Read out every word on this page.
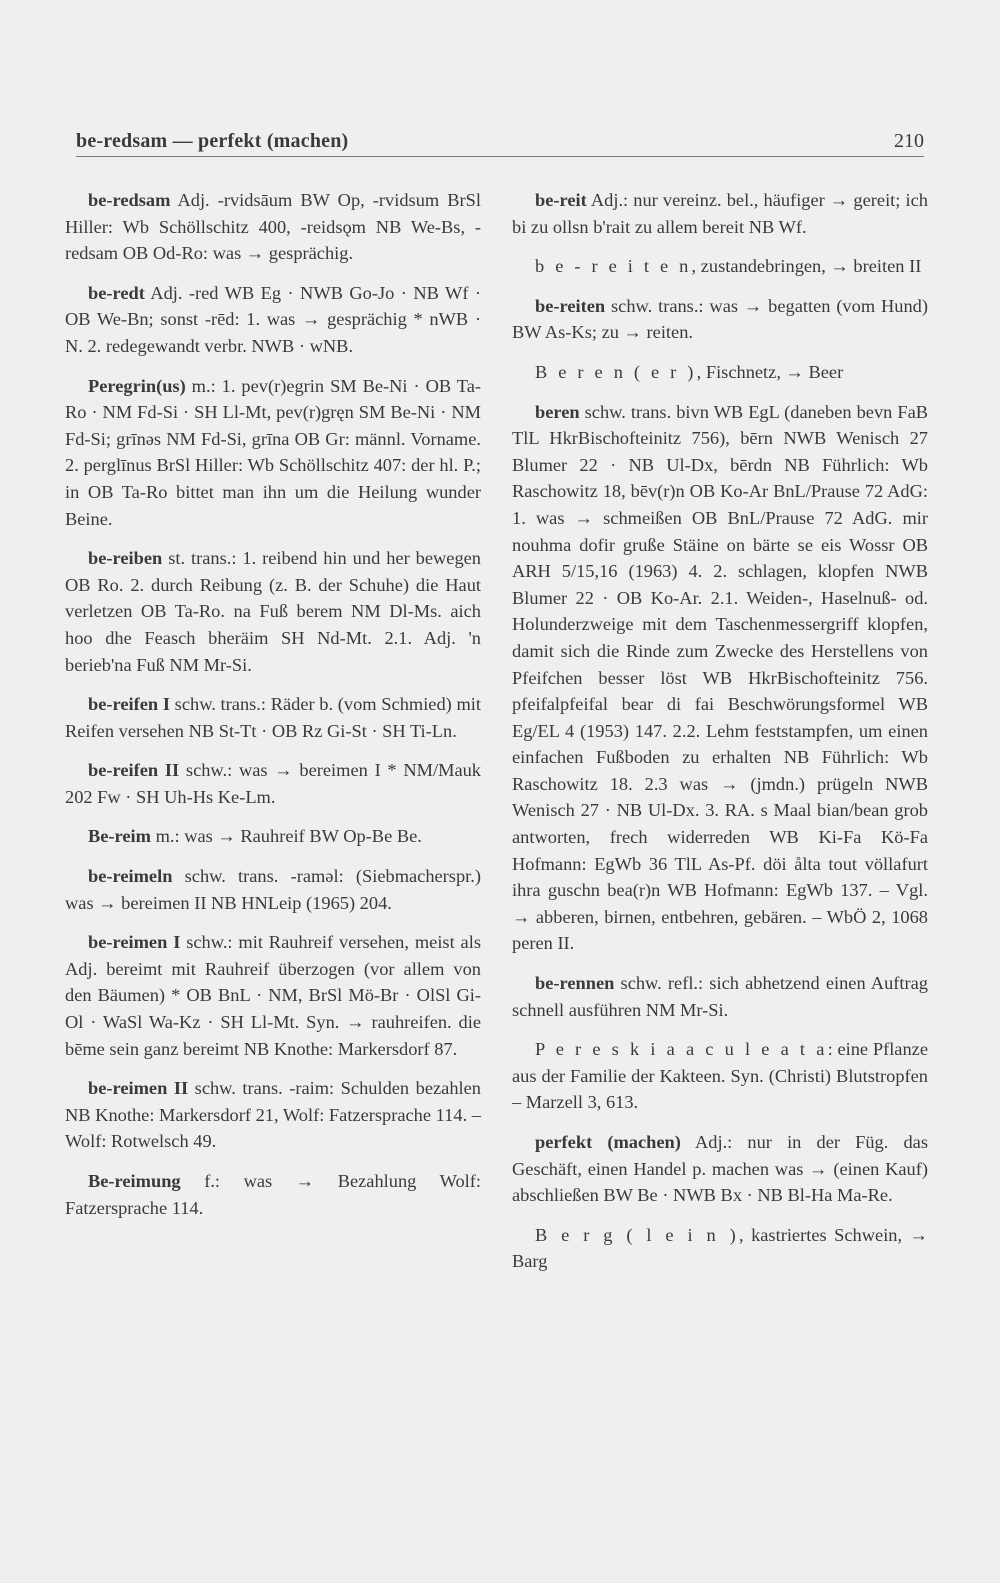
be-redsam — perfekt (machen)	210

be-redsam Adj. -rvidsāum BW Op, -rvidsum BrSl Hiller: Wb Schöllschitz 400, -reidsǫm NB We-Bs, -redsam OB Od-Ro: was → gesprächig.

be-redt Adj. -red WB Eg · NWB Go-Jo · NB Wf · OB We-Bn; sonst -rēd: 1. was → gesprächig * nWB · N. 2. redegewandt verbr. NWB · wNB.

Peregrin(us) m.: 1. pev(r)egrin SM Be-Ni · OB Ta-Ro · NM Fd-Si · SH Ll-Mt, pev(r)gręn SM Be-Ni · NM Fd-Si; grīnəs NM Fd-Si, grīna OB Gr: männl. Vorname. 2. perglīnus BrSl Hiller: Wb Schöllschitz 407: der hl. P.; in OB Ta-Ro bittet man ihn um die Heilung wunder Beine.

be-reiben st. trans.: 1. reibend hin und her bewegen OB Ro. 2. durch Reibung (z. B. der Schuhe) die Haut verletzen OB Ta-Ro. na Fuß berem NM Dl-Ms. aich hoo dhe Feasch bheräim SH Nd-Mt. 2.1. Adj. 'n berieb'na Fuß NM Mr-Si.

be-reifen I schw. trans.: Räder b. (vom Schmied) mit Reifen versehen NB St-Tt · OB Rz Gi-St · SH Ti-Ln.

be-reifen II schw.: was → bereimen I * NM/Mauk 202 Fw · SH Uh-Hs Ke-Lm.

Be-reim m.: was → Rauhreif BW Op-Be Be.

be-reimeln schw. trans. -ramǝl: (Siebmacherspr.) was → bereimen II NB HNLeip (1965) 204.

be-reimen I schw.: mit Rauhreif versehen, meist als Adj. bereimt mit Rauhreif überzogen (vor allem von den Bäumen) * OB BnL · NM, BrSl Mö-Br · OlSl Gi-Ol · WaSl Wa-Kz · SH Ll-Mt. Syn. → rauhreifen. die bēme sein ganz bereimt NB Knothe: Markersdorf 87.

be-reimen II schw. trans. -raim: Schulden bezahlen NB Knothe: Markersdorf 21, Wolf: Fatzersprache 114. – Wolf: Rotwelsch 49.

Be-reimung f.: was → Bezahlung Wolf: Fatzersprache 114.

be-reit Adj.: nur vereinz. bel., häufiger → gereit; ich bi zu ollsn b'rait zu allem bereit NB Wf.

b e - r e i t e n, zustandebringen, → breiten II

be-reiten schw. trans.: was → begatten (vom Hund) BW As-Ks; zu → reiten.

B e r e n ( e r ), Fischnetz, → Beer

beren schw. trans. bivn WB EgL (daneben bevn FaB TlL HkrBischofteinitz 756), bērn NWB Wenisch 27 Blumer 22 · NB Ul-Dx, bērdn NB Führlich: Wb Raschowitz 18, bēv(r)n OB Ko-Ar BnL/Prause 72 AdG: 1. was → schmeißen OB BnL/Prause 72 AdG. mir nouhma dofir gruße Stäine on bärte se eis Wossr OB ARH 5/15,16 (1963) 4. 2. schlagen, klopfen NWB Blumer 22 · OB Ko-Ar. 2.1. Weiden-, Haselnuß- od. Holunderzweige mit dem Taschenmessergriff klopfen, damit sich die Rinde zum Zwecke des Herstellens von Pfeifchen besser löst WB HkrBischofteinitz 756. pfeifalpfeifal bear di fai Beschwörungsformel WB Eg/EL 4 (1953) 147. 2.2. Lehm feststampfen, um einen einfachen Fußboden zu erhalten NB Führlich: Wb Raschowitz 18. 2.3 was → (jmdn.) prügeln NWB Wenisch 27 · NB Ul-Dx. 3. RA. s Maal bian/bean grob antworten, frech widerreden WB Ki-Fa Kö-Fa Hofmann: EgWb 36 TlL As-Pf. döi ålta tout völlafurt ihra guschn bea(r)n WB Hofmann: EgWb 137. – Vgl. → abberen, birnen, entbehren, gebären. – WbÖ 2, 1068 peren II.

be-rennen schw. refl.: sich abhetzend einen Auftrag schnell ausführen NM Mr-Si.

P e r e s k i a a c u l e a t a: eine Pflanze aus der Familie der Kakteen. Syn. (Christi) Blutstropfen – Marzell 3, 613.

perfekt (machen) Adj.: nur in der Füg. das Geschäft, einen Handel p. machen was → (einen Kauf) abschließen BW Be · NWB Bx · NB Bl-Ha Ma-Re.

B e r g ( l e i n ), kastriertes Schwein, → Barg
